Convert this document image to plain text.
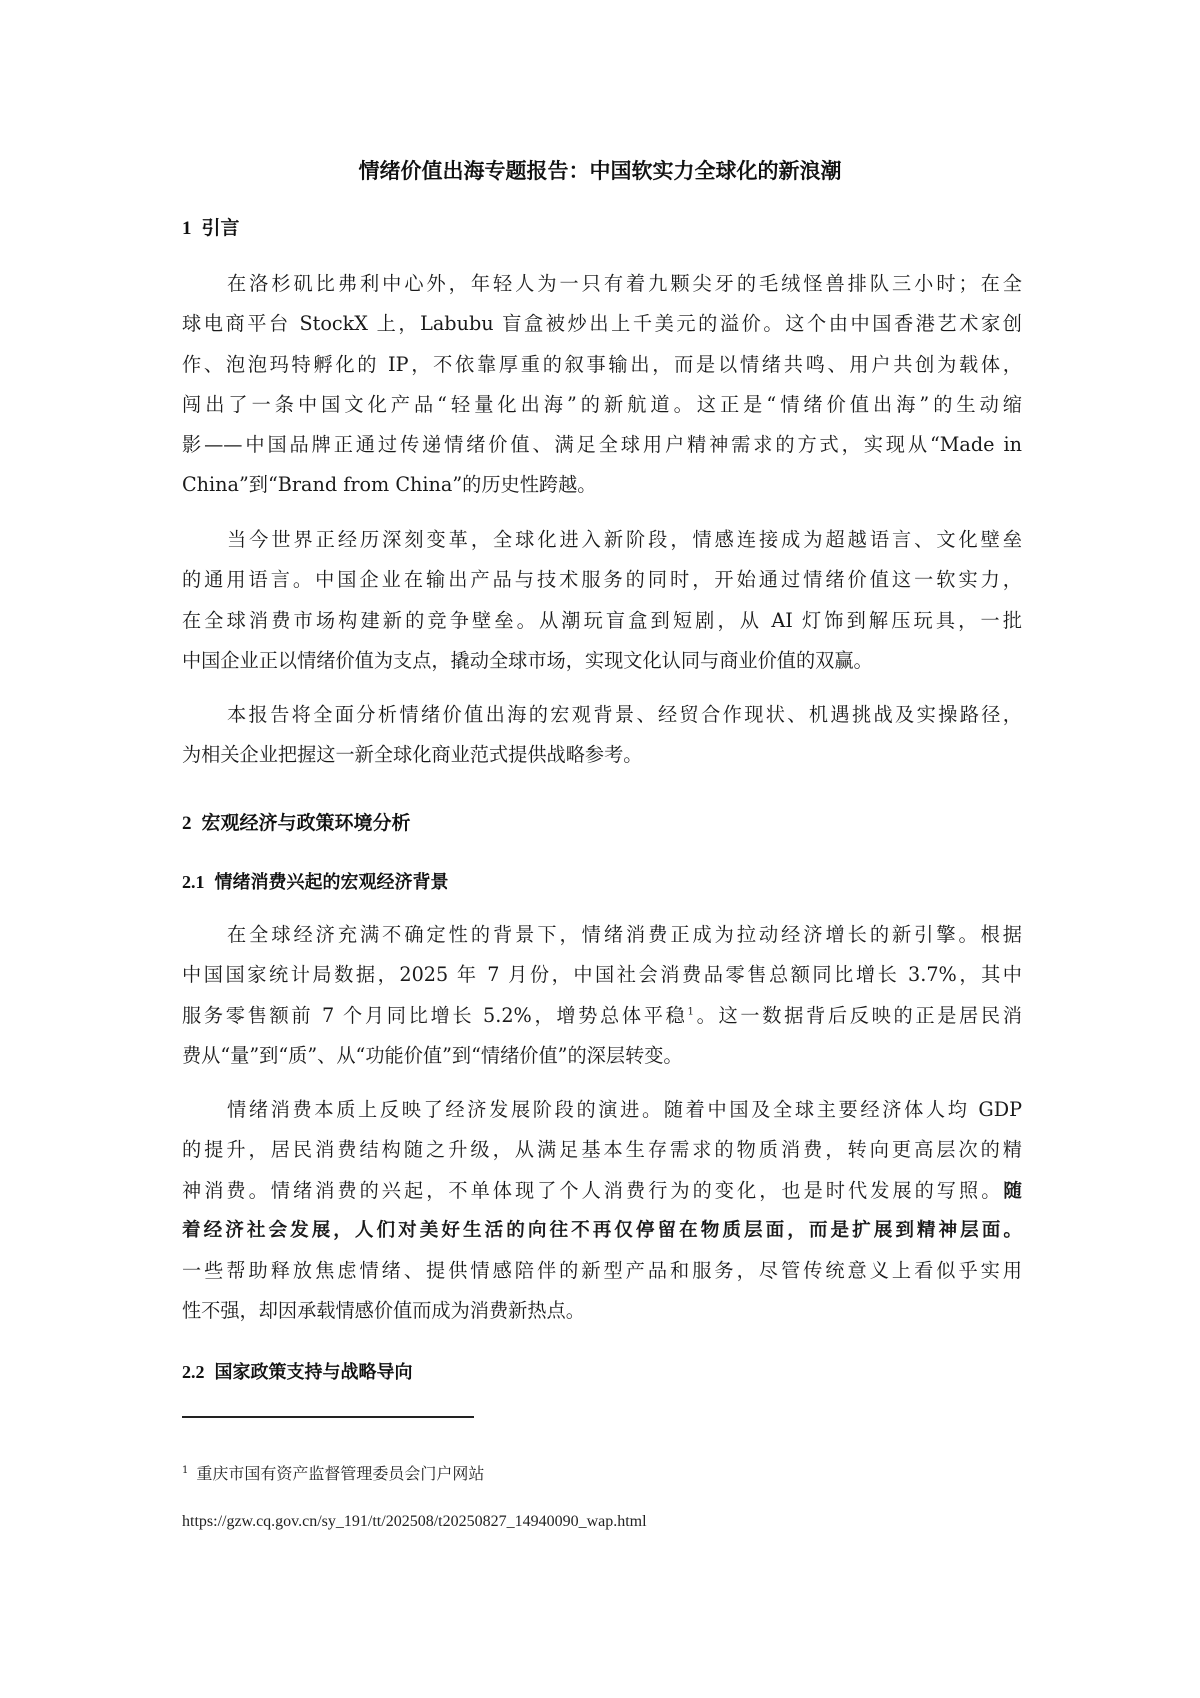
情绪价值出海专题报告：中国软实力全球化的新浪潮
1 引言
在洛杉矶比弗利中心外，年轻人为一只有着九颗尖牙的毛绒怪兽排队三小时；在全
球电商平台 StockX 上，Labubu 盲盒被炒出上千美元的溢价。这个由中国香港艺术家创
作、泡泡玛特孵化的 IP，不依靠厚重的叙事输出，而是以情绪共鸣、用户共创为载体，
闯出了一条中国文化产品“轻量化出海”的新航道。这正是“情绪价值出海”的生动缩
影——中国品牌正通过传递情绪价值、满足全球用户精神需求的方式，实现从“Made in
China”到“Brand from China”的历史性跨越。
当今世界正经历深刻变革，全球化进入新阶段，情感连接成为超越语言、文化壁垒
的通用语言。中国企业在输出产品与技术服务的同时，开始通过情绪价值这一软实力，
在全球消费市场构建新的竞争壁垒。从潮玩盲盒到短剧，从 AI 灯饰到解压玩具，一批
中国企业正以情绪价值为支点，撬动全球市场，实现文化认同与商业价值的双赢。
本报告将全面分析情绪价值出海的宏观背景、经贸合作现状、机遇挑战及实操路径，
为相关企业把握这一新全球化商业范式提供战略参考。
2 宏观经济与政策环境分析
2.1 情绪消费兴起的宏观经济背景
在全球经济充满不确定性的背景下，情绪消费正成为拉动经济增长的新引擎。根据
中国国家统计局数据，2025 年 7 月份，中国社会消费品零售总额同比增长 3.7%，其中
服务零售额前 7 个月同比增长 5.2%，增势总体平稳$^1$。这一数据背后反映的正是居民消
费从“量”到“质”、从“功能价值”到“情绪价值”的深层转变。
情绪消费本质上反映了经济发展阶段的演进。随着中国及全球主要经济体人均 GDP
的提升，居民消费结构随之升级，从满足基本生存需求的物质消费，转向更高层次的精
神消费。情绪消费的兴起，不单体现了个人消费行为的变化，也是时代发展的写照。随
着经济社会发展，人们对美好生活的向往不再仅停留在物质层面，而是扩展到精神层面。
一些帮助释放焦虑情绪、提供情感陪伴的新型产品和服务，尽管传统意义上看似乎实用
性不强，却因承载情感价值而成为消费新热点。
2.2 国家政策支持与战略导向
$^1$ 重庆市国有资产监督管理委员会门户网站
https://gzw.cq.gov.cn/sy_191/tt/202508/t20250827_14940090_wap.html
